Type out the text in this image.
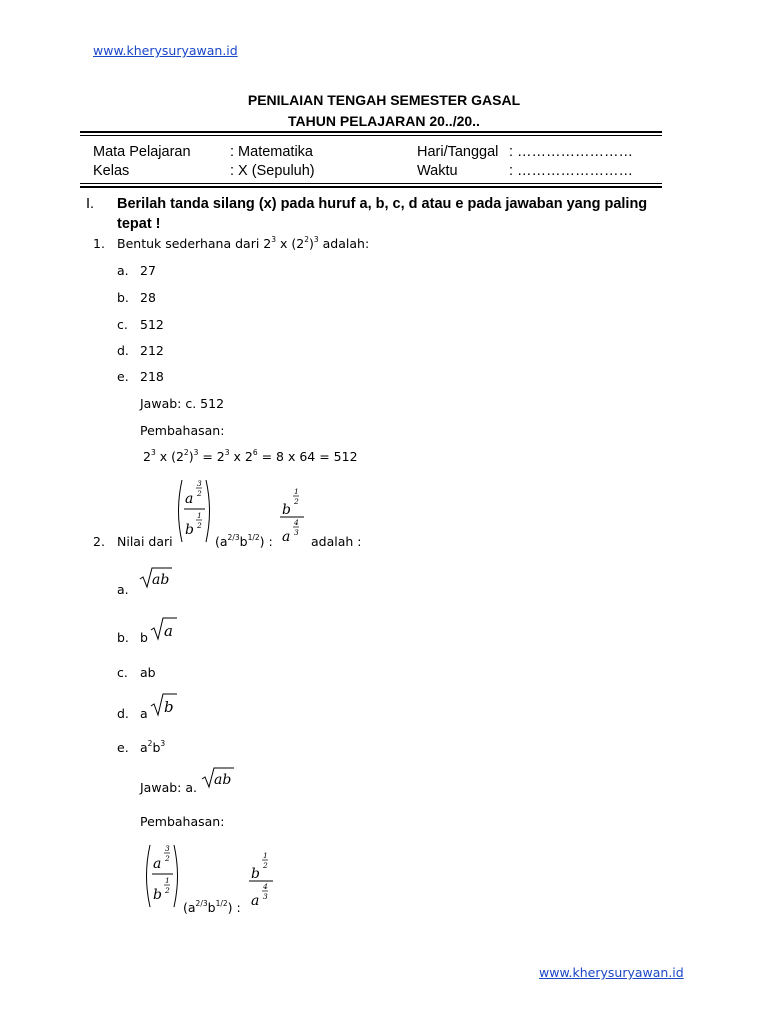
www.kherysuryawan.id
PENILAIAN TENGAH SEMESTER GASAL
TAHUN PELAJARAN 20../20..
Mata Pelajaran	: Matematika	Hari/Tanggal : ……………………
Kelas	: X (Sepuluh)	Waktu	: ……………………
I. Berilah tanda silang (x) pada huruf a, b, c, d atau e pada jawaban yang paling tepat !
1. Bentuk sederhana dari $2^3$ x $(2^2)^3$ adalah:
a. 27
b. 28
c. 512
d. 212
e. 218
Jawab: c. 512
Pembahasan:
$2^3$ x $(2^2)^3 = 2^3$ x $2^6 = 8$ x 64 = 512
2. Nilai dari
a
3
2
b
1
2
$(a^{2/3}b^{1/2})$ :
b
1
2
a
4
3
adalah :
a.
ab
b. b a
c. ab
d. a b
e. $a^2b^3$
Jawab: a. ab
Pembahasan:
a
3
2
b
1
2
$(a^{2/3}b^{1/2})$ :
b
1
2
a
4
3
www.kherysuryawan.id
